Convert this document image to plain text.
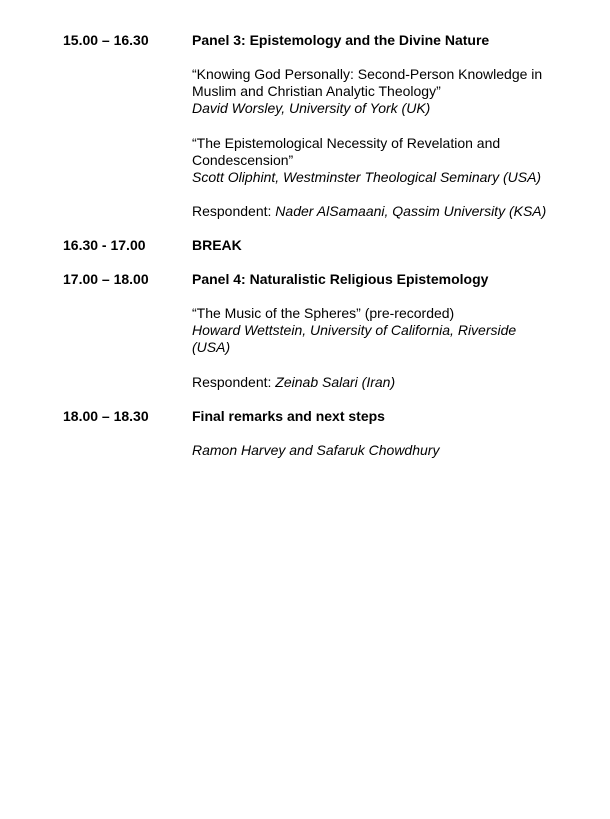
15.00 – 16.30	Panel 3: Epistemology and the Divine Nature
“Knowing God Personally: Second-Person Knowledge in
Muslim and Christian Analytic Theology”
David Worsley, University of York (UK)
“The Epistemological Necessity of Revelation and
Condescension”
Scott Oliphint, Westminster Theological Seminary (USA)
Respondent: Nader AlSamaani, Qassim University (KSA)
16.30 - 17.00	BREAK
17.00 – 18.00	Panel 4: Naturalistic Religious Epistemology
“The Music of the Spheres” (pre-recorded)
Howard Wettstein, University of California, Riverside
(USA)
Respondent: Zeinab Salari (Iran)
18.00 – 18.30	Final remarks and next steps
Ramon Harvey and Safaruk Chowdhury
